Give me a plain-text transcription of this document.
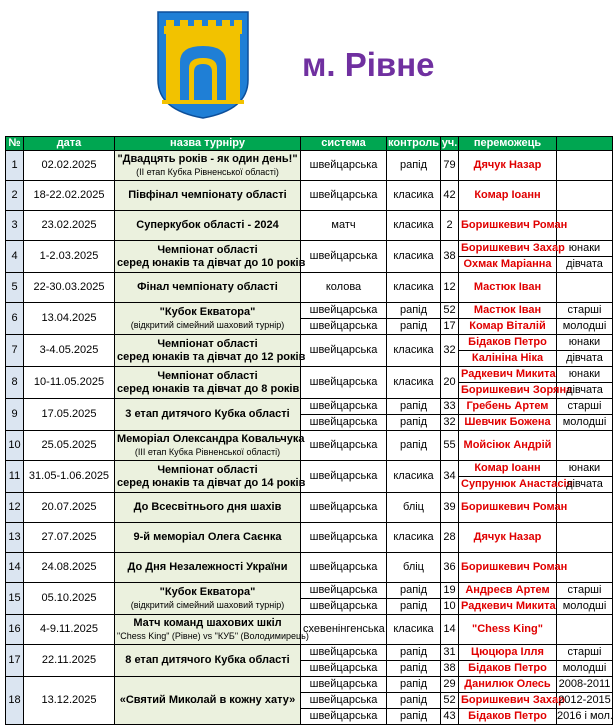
м. Рівне
№	дата	назва турніру	система	контроль	уч.	переможець	
1	02.02.2025	"Двадцять років - як один день!"
(ІІ етап Кубка Рівненської області)	швейцарська	рапід	79	Дячук Назар	
2	18-22.02.2025	Півфінал чемпіонату області	швейцарська	класика	42	Комар Іоанн	
3	23.02.2025	Суперкубок області - 2024	матч	класика	2	Боришкевич Роман	
4	1-2.03.2025	Чемпіонат області
серед юнаків та дівчат до 10 років	швейцарська	класика	38	Боришкевич Захар	юнаки
						Охмак Маріанна	дівчата
5	22-30.03.2025	Фінал чемпіонату області	колова	класика	12	Мастюк Іван	
6	13.04.2025	"Кубок Екватора"
(відкритий сімейний шаховий турнір)	швейцарська	рапід	52	Мастюк Іван	старші
			швейцарська	рапід	17	Комар Віталій	молодші
7	3-4.05.2025	Чемпіонат області
серед юнаків та дівчат до 12 років	швейцарська	класика	32	Бідаков Петро	юнаки
						Калініна Ніка	дівчата
8	10-11.05.2025	Чемпіонат області
серед юнаків та дівчат до 8 років	швейцарська	класика	20	Радкевич Микита	юнаки
						Боришкевич Зоряна	дівчата
9	17.05.2025	3 етап дитячого Кубка області	швейцарська	рапід	33	Гребень Артем	старші
			швейцарська	рапід	32	Шевчик Божена	молодші
10	25.05.2025	Меморіал Олександра Ковальчука
(ІІІ етап Кубка Рівненської області)	швейцарська	рапід	55	Мойсіюк Андрій	
11	31.05-1.06.2025	Чемпіонат області
серед юнаків та дівчат до 14 років	швейцарська	класика	34	Комар Іоанн	юнаки
						Супрунюк Анастасія	дівчата
12	20.07.2025	До Всесвітнього дня шахів	швейцарська	бліц	39	Боришкевич Роман	
13	27.07.2025	9-й меморіал Олега Саєнка	швейцарська	класика	28	Дячук Назар	
14	24.08.2025	До Дня Незалежності України	швейцарська	бліц	36	Боришкевич Роман	
15	05.10.2025	"Кубок Екватора"
(відкритий сімейний шаховий турнір)	швейцарська	рапід	19	Андреєв Артем	старші
			швейцарська	рапід	10	Радкевич Микита	молодші
16	4-9.11.2025	Матч команд шахових шкіл
"Chess King" (Рівне) vs "КУБ" (Володимирець)	схевенінгенська	класика	14	"Chess King"	
17	22.11.2025	8 етап дитячого Кубка області	швейцарська	рапід	31	Цюцюра Ілля	старші
			швейцарська	рапід	38	Бідаков Петро	молодші
18	13.12.2025	«Святий Миколай в кожну хату»	швейцарська	рапід	29	Данилюк Олесь	2008-2011
			швейцарська	рапід	52	Боришкевич Захар	2012-2015
			швейцарська	рапід	43	Бідаков Петро	2016 і мол.
